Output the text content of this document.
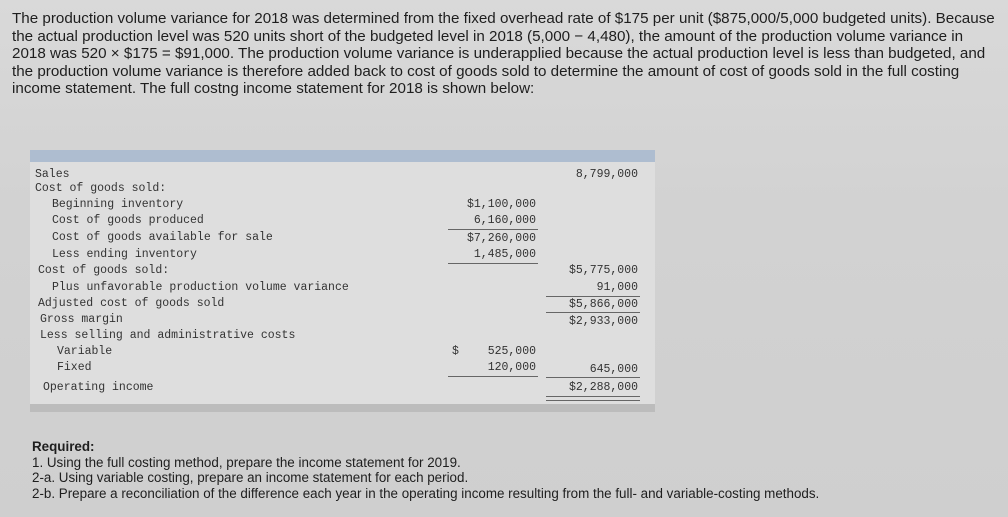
The production volume variance for 2018 was determined from the fixed overhead rate of $175 per unit ($875,000/5,000 budgeted units). Because the actual production level was 520 units short of the budgeted level in 2018 (5,000 − 4,480), the amount of the production volume variance in 2018 was 520 × $175 = $91,000. The production volume variance is underapplied because the actual production level is less than budgeted, and the production volume variance is therefore added back to cost of goods sold to determine the amount of cost of goods sold in the full costing income statement. The full costng income statement for 2018 is shown below:
Sales
Cost of goods sold:
Beginning inventory
Cost of goods produced
Cost of goods available for sale
Less ending inventory
Cost of goods sold:
Plus unfavorable production volume variance
Adjusted cost of goods sold
Gross margin
Less selling and administrative costs
Variable
Fixed
Operating income
$1,100,000
6,160,000
$7,260,000
1,485,000
$	525,000
120,000
8,799,000
$5,775,000
91,000
$5,866,000
$2,933,000
645,000
$2,288,000
Required:
1. Using the full costing method, prepare the income statement for 2019.
2-a. Using variable costing, prepare an income statement for each period.
2-b. Prepare a reconciliation of the difference each year in the operating income resulting from the full- and variable-costing methods.
